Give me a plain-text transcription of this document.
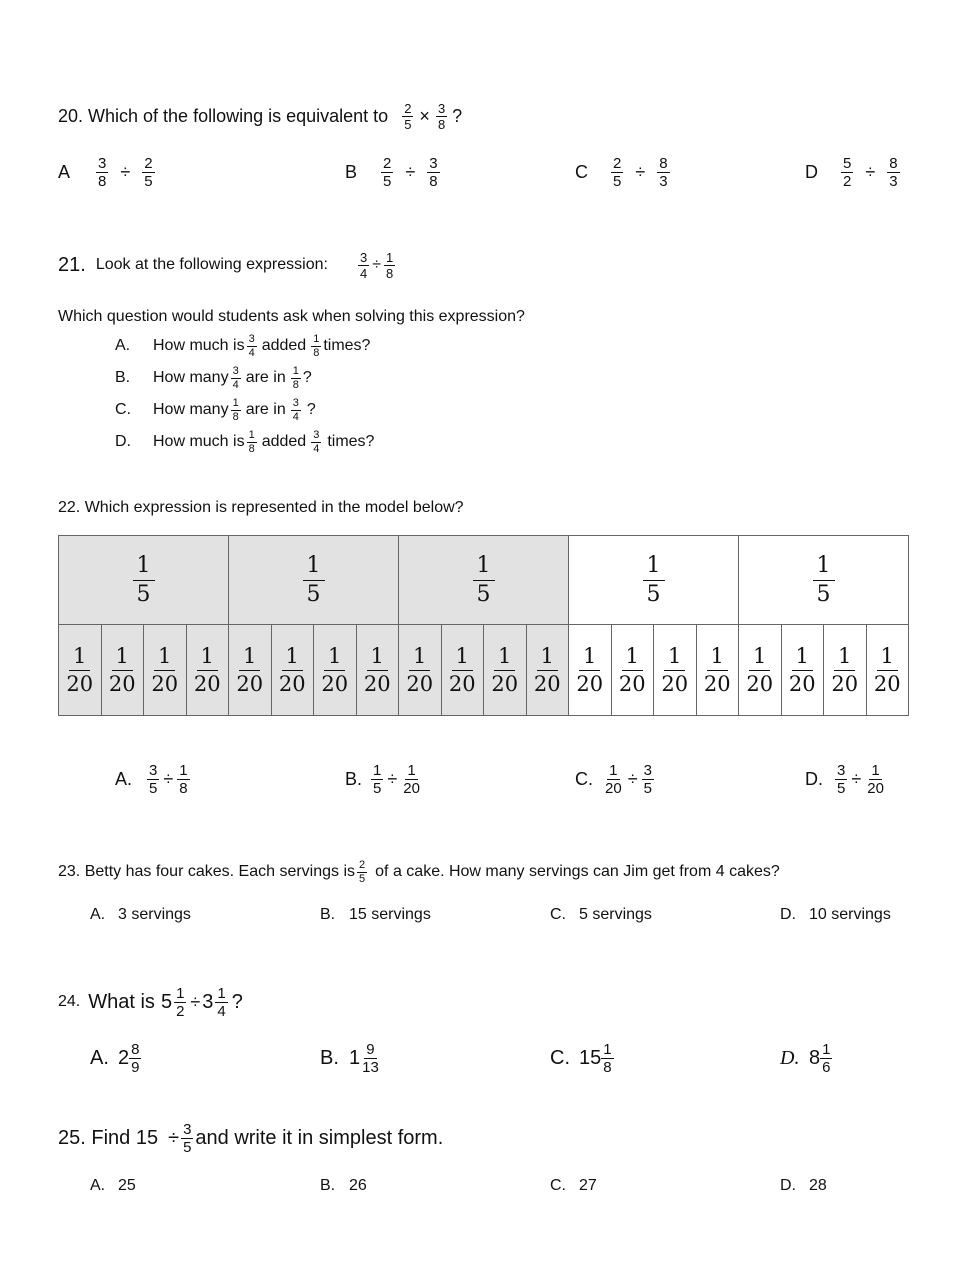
20. Which of the following is equivalent to $\frac{2}{5} \times \frac{3}{8}$ ?
A	$\frac{3}{8} \div \frac{2}{5}$	B	$\frac{2}{5} \div \frac{3}{8}$	C	$\frac{2}{5} \div \frac{8}{3}$	D	$\frac{5}{2} \div \frac{8}{3}$
21. Look at the following expression: $\frac{3}{4} \div \frac{1}{8}$
Which question would students ask when solving this expression?
A.	How much is $\frac{3}{4}$ added $\frac{1}{8}$ times?
B.	How many $\frac{3}{4}$ are in $\frac{1}{8}$ ?
C.	How many $\frac{1}{8}$ are in $\frac{3}{4}$ ?
D.	How much is $\frac{1}{8}$ added $\frac{3}{4}$ times?
22. Which expression is represented in the model below?
$\frac{1}{5}$				$\frac{1}{5}$				$\frac{1}{5}$				$\frac{1}{5}$				$\frac{1}{5}$

$\frac{1}{20}$	$\frac{1}{20}$	$\frac{1}{20}$	$\frac{1}{20}$	$\frac{1}{20}$	$\frac{1}{20}$	$\frac{1}{20}$	$\frac{1}{20}$	$\frac{1}{20}$	$\frac{1}{20}$	$\frac{1}{20}$	$\frac{1}{20}$	$\frac{1}{20}$	$\frac{1}{20}$	$\frac{1}{20}$	$\frac{1}{20}$	$\frac{1}{20}$	$\frac{1}{20}$	$\frac{1}{20}$	$\frac{1}{20}$
A. $\frac{3}{5} \div \frac{1}{8}$	B. $\frac{1}{5} \div \frac{1}{20}$	C. $\frac{1}{20} \div \frac{3}{5}$	D. $\frac{3}{5} \div \frac{1}{20}$
23. Betty has four cakes. Each servings is $\frac{2}{5}$ of a cake. How many servings can Jim get from 4 cakes?
A. 3 servings	B. 15 servings	C. 5 servings	D. 10 servings
24. What is $5 \frac{1}{2} \div 3 \frac{1}{4}$ ?
A. $2 \frac{8}{9}$	B. $1 \frac{9}{13}$	C. $15 \frac{1}{8}$	D. $8 \frac{1}{6}$
25. Find $15 \div \frac{3}{5}$ and write it in simplest form.
A. 25	B. 26	C. 27	D. 28
